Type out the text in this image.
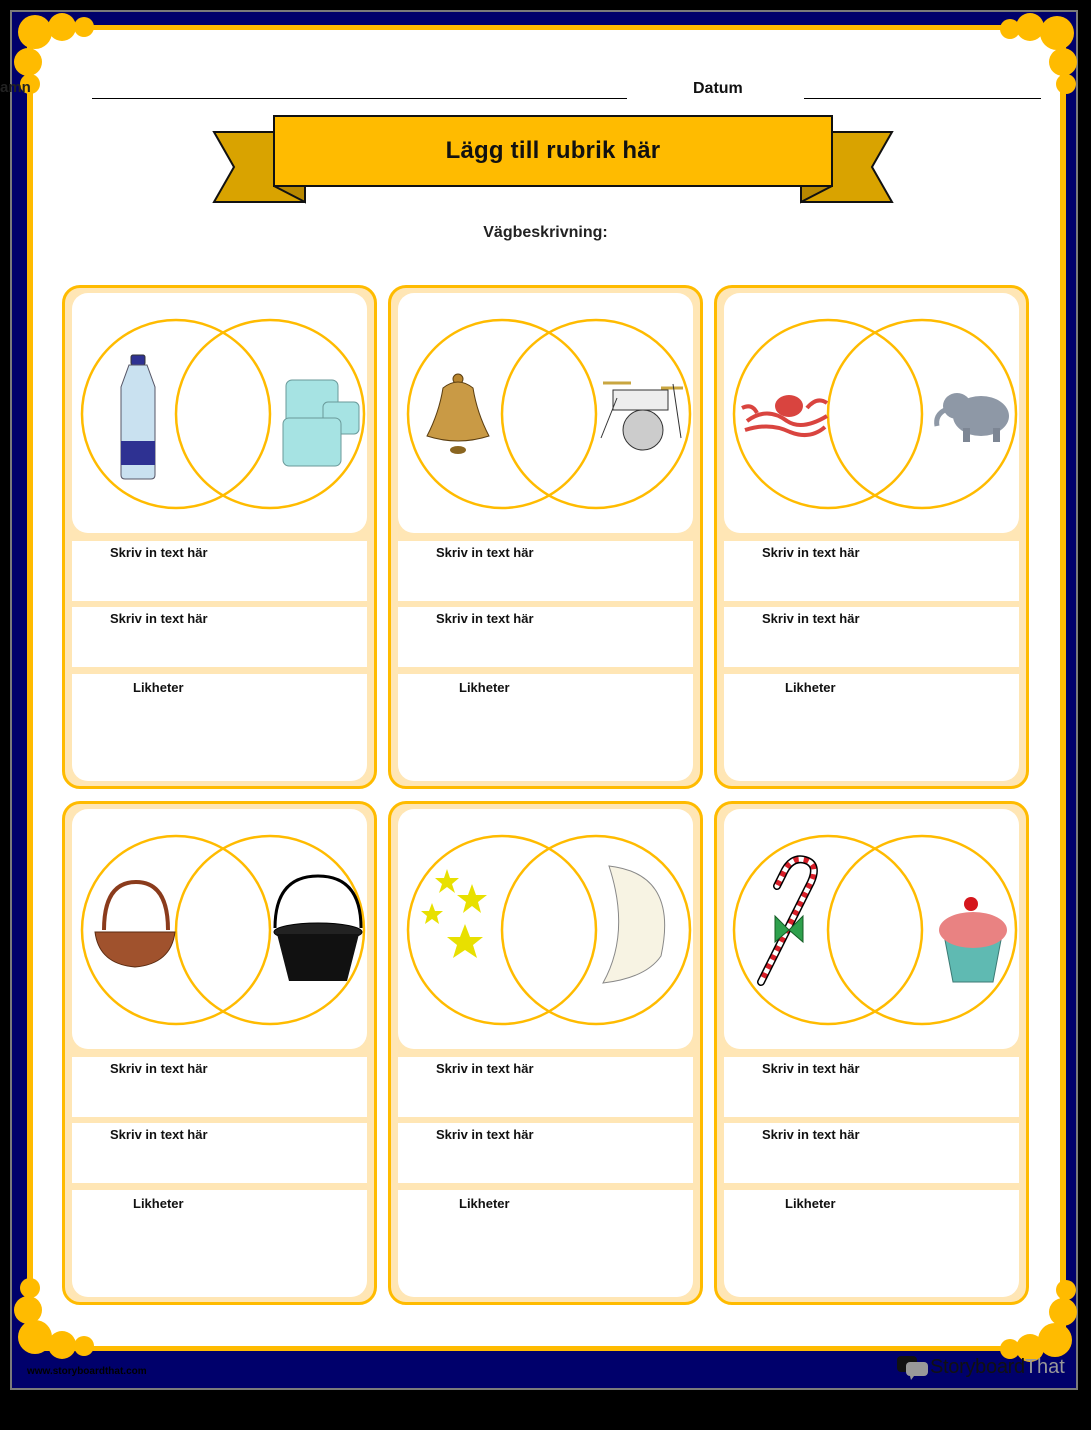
amn	Datum
Lägg till rubrik här
Vägbeskrivning:
Skriv in text här
Skriv in text här
Likheter
Skriv in text här
Skriv in text här
Likheter
Skriv in text här
Skriv in text här
Likheter
Skriv in text här
Skriv in text här
Likheter
Skriv in text här
Skriv in text här
Likheter
Skriv in text här
Skriv in text här
Likheter
www.storyboardthat.com	Storyboard That
